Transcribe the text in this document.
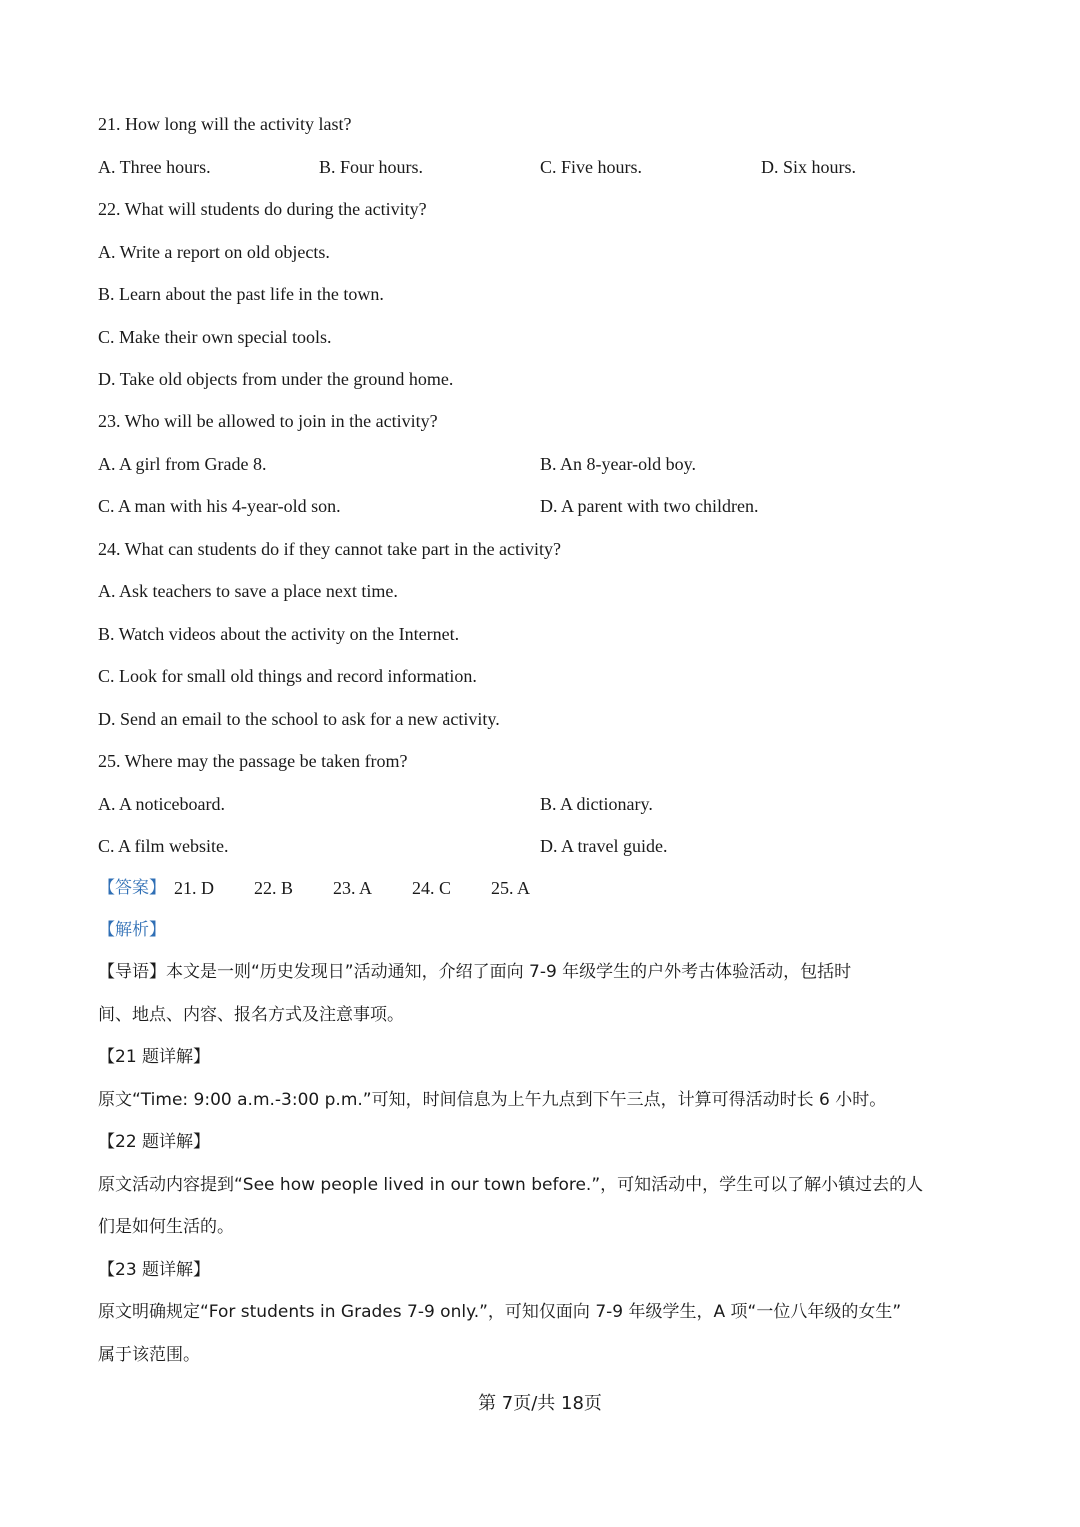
21. How long will the activity last?
A. Three hours.	B. Four hours.	C. Five hours.	D. Six hours.
22. What will students do during the activity?
A. Write a report on old objects.
B. Learn about the past life in the town.
C. Make their own special tools.
D. Take old objects from under the ground home.
23. Who will be allowed to join in the activity?
A. A girl from Grade 8.	B. An 8-year-old boy.
C. A man with his 4-year-old son.	D. A parent with two children.
24. What can students do if they cannot take part in the activity?
A. Ask teachers to save a place next time.
B. Watch videos about the activity on the Internet.
C. Look for small old things and record information.
D. Send an email to the school to ask for a new activity.
25. Where may the passage be taken from?
A. A noticeboard.	B. A dictionary.
C. A film website.	D. A travel guide.
【答案】 21. D 22. B 23. A 24. C 25. A
【解析】
【导语】本文是一则“历史发现日”活动通知，介绍了面向 7-9 年级学生的户外考古体验活动，包括时
间、地点、内容、报名方式及注意事项。
【21 题详解】
原文“Time: 9:00 a.m.-3:00 p.m.”可知，时间信息为上午九点到下午三点，计算可得活动时长 6 小时。
【22 题详解】
原文活动内容提到“See how people lived in our town before.”，可知活动中，学生可以了解小镇过去的人
们是如何生活的。
【23 题详解】
原文明确规定“For students in Grades 7-9 only.”，可知仅面向 7-9 年级学生，A 项“一位八年级的女生”
属于该范围。
第 7页/共 18页
